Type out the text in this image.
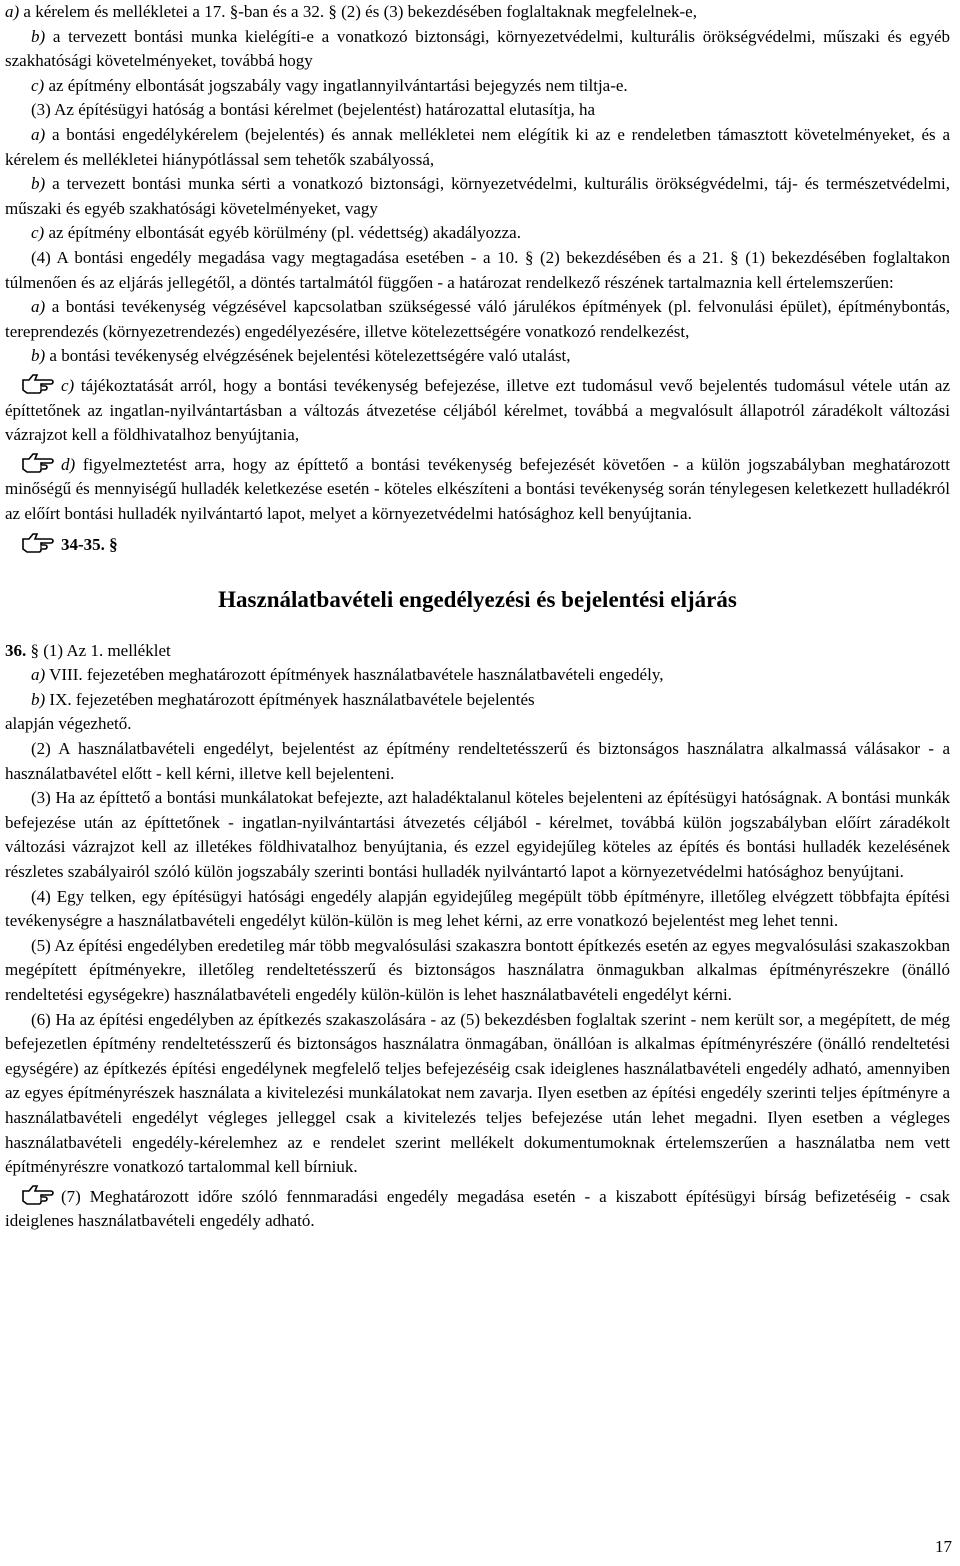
a) a kérelem és mellékletei a 17. §-ban és a 32. § (2) és (3) bekezdésében foglaltaknak megfelelnek-e,

b) a tervezett bontási munka kielégíti-e a vonatkozó biztonsági, környezetvédelmi, kulturális örökségvédelmi, műszaki és egyéb szakhatósági követelményeket, továbbá hogy

c) az építmény elbontását jogszabály vagy ingatlannyilvántartási bejegyzés nem tiltja-e.

(3) Az építésügyi hatóság a bontási kérelmet (bejelentést) határozattal elutasítja, ha

a) a bontási engedélykérelem (bejelentés) és annak mellékletei nem elégítik ki az e rendeletben támasztott követelményeket, és a kérelem és mellékletei hiánypótlással sem tehetők szabályossá,

b) a tervezett bontási munka sérti a vonatkozó biztonsági, környezetvédelmi, kulturális örökségvédelmi, táj- és természetvédelmi, műszaki és egyéb szakhatósági követelményeket, vagy

c) az építmény elbontását egyéb körülmény (pl. védettség) akadályozza.

(4) A bontási engedély megadása vagy megtagadása esetében - a 10. § (2) bekezdésében és a 21. § (1) bekezdésében foglaltakon túlmenően és az eljárás jellegétől, a döntés tartalmától függően - a határozat rendelkező részének tartalmaznia kell értelemszerűen:

a) a bontási tevékenység végzésével kapcsolatban szükségessé váló járulékos építmények (pl. felvonulási épület), építménybontás, tereprendezés (környezetrendezés) engedélyezésére, illetve kötelezettségére vonatkozó rendelkezést,

b) a bontási tevékenység elvégzésének bejelentési kötelezettségére való utalást,

c) tájékoztatását arról, hogy a bontási tevékenység befejezése, illetve ezt tudomásul vevő bejelentés tudomásul vétele után az építtetőnek az ingatlan-nyilvántartásban a változás átvezetése céljából kérelmet, továbbá a megvalósult állapotról záradékolt változási vázrajzot kell a földhivatalhoz benyújtania,

d) figyelmeztetést arra, hogy az építtető a bontási tevékenység befejezését követően - a külön jogszabályban meghatározott minőségű és mennyiségű hulladék keletkezése esetén - köteles elkészíteni a bontási tevékenység során ténylegesen keletkezett hulladékról az előírt bontási hulladék nyilvántartó lapot, melyet a környezetvédelmi hatósághoz kell benyújtania.

34-35. §

Használatbavételi engedélyezési és bejelentési eljárás

36. § (1) Az 1. melléklet

a) VIII. fejezetében meghatározott építmények használatbavétele használatbavételi engedély,

b) IX. fejezetében meghatározott építmények használatbavétele bejelentés

alapján végezhető.

(2) A használatbavételi engedélyt, bejelentést az építmény rendeltetésszerű és biztonságos használatra alkalmassá válásakor - a használatbavétel előtt - kell kérni, illetve kell bejelenteni.

(3) Ha az építtető a bontási munkálatokat befejezte, azt haladéktalanul köteles bejelenteni az építésügyi hatóságnak. A bontási munkák befejezése után az építtetőnek - ingatlan-nyilvántartási átvezetés céljából - kérelmet, továbbá külön jogszabályban előírt záradékolt változási vázrajzot kell az illetékes földhivatalhoz benyújtania, és ezzel egyidejűleg köteles az építés és bontási hulladék kezelésének részletes szabályairól szóló külön jogszabály szerinti bontási hulladék nyilvántartó lapot a környezetvédelmi hatósághoz benyújtani.

(4) Egy telken, egy építésügyi hatósági engedély alapján egyidejűleg megépült több építményre, illetőleg elvégzett többfajta építési tevékenységre a használatbavételi engedélyt külön-külön is meg lehet kérni, az erre vonatkozó bejelentést meg lehet tenni.

(5) Az építési engedélyben eredetileg már több megvalósulási szakaszra bontott építkezés esetén az egyes megvalósulási szakaszokban megépített építményekre, illetőleg rendeltetésszerű és biztonságos használatra önmagukban alkalmas építményrészekre (önálló rendeltetési egységekre) használatbavételi engedély külön-külön is lehet használatbavételi engedélyt kérni.

(6) Ha az építési engedélyben az építkezés szakaszolására - az (5) bekezdésben foglaltak szerint - nem került sor, a megépített, de még befejezetlen építmény rendeltetésszerű és biztonságos használatra önmagában, önállóan is alkalmas építményrészére (önálló rendeltetési egységére) az építkezés építési engedélynek megfelelő teljes befejezéséig csak ideiglenes használatbavételi engedély adható, amennyiben az egyes építményrészek használata a kivitelezési munkálatokat nem zavarja. Ilyen esetben az építési engedély szerinti teljes építményre a használatbavételi engedélyt végleges jelleggel csak a kivitelezés teljes befejezése után lehet megadni. Ilyen esetben a végleges használatbavételi engedély-kérelemhez az e rendelet szerint mellékelt dokumentumoknak értelemszerűen a használatba nem vett építményrészre vonatkozó tartalommal kell bírniuk.

(7) Meghatározott időre szóló fennmaradási engedély megadása esetén - a kiszabott építésügyi bírság befizetéséig - csak ideiglenes használatbavételi engedély adható.

17
